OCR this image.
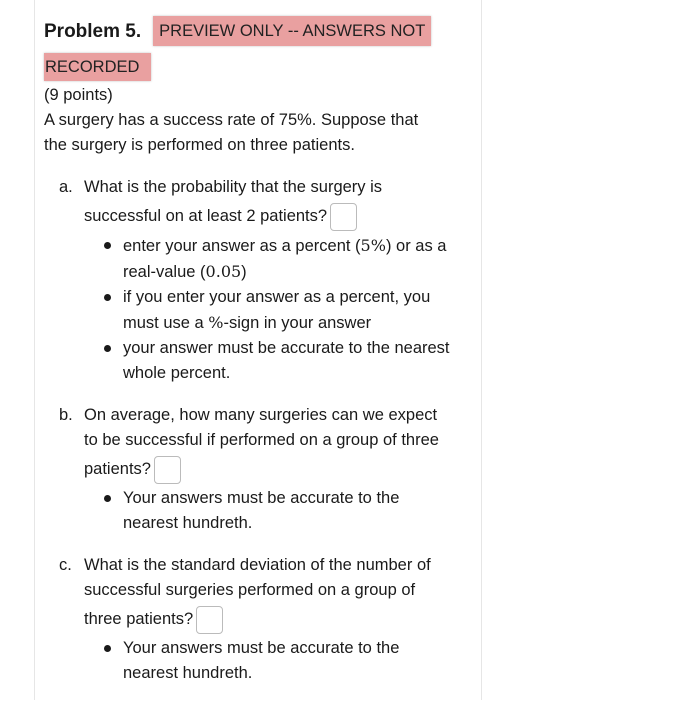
Problem 5.	PREVIEW ONLY -- ANSWERS NOT
RECORDED
(9 points)
A surgery has a success rate of 75%. Suppose that
the surgery is performed on three patients.
a. What is the probability that the surgery is
successful on at least 2 patients?
enter your answer as a percent (5%) or as a
real-value (0.05)
if you enter your answer as a percent, you
must use a %-sign in your answer
your answer must be accurate to the nearest
whole percent.
b. On average, how many surgeries can we expect
to be successful if performed on a group of three
patients?
Your answers must be accurate to the
nearest hundreth.
c. What is the standard deviation of the number of
successful surgeries performed on a group of
three patients?
Your answers must be accurate to the
nearest hundreth.
